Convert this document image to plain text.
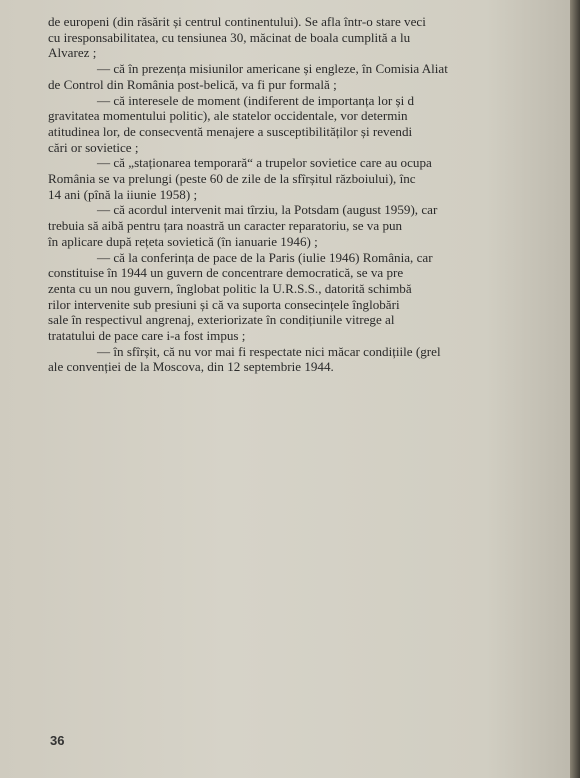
de europeni (din răsărit și centrul continentului). Se afla într-o stare veci
cu iresponsabilitatea, cu tensiunea 30, măcinat de boala cumplită a lu
Alvarez ;
— că în prezența misiunilor americane și engleze, în Comisia Aliat
de Control din România post-belică, va fi pur formală ;
— că interesele de moment (indiferent de importanța lor și d
gravitatea momentului politic), ale statelor occidentale, vor determin
atitudinea lor, de consecventă menajere a susceptibilităților și revendi
cări or sovietice ;
— că „staționarea temporară“ a trupelor sovietice care au ocupa
România se va prelungi (peste 60 de zile de la sfîrșitul războiului), înc
14 ani (pînă la iiunie 1958) ;
— că acordul intervenit mai tîrziu, la Potsdam (august 1959), car
trebuia să aibă pentru țara noastră un caracter reparatoriu, se va pun
în aplicare după rețeta sovietică (în ianuarie 1946) ;
— că la conferința de pace de la Paris (iulie 1946) România, car
constituise în 1944 un guvern de concentrare democratică, se va pre
zenta cu un nou guvern, înglobat politic la U.R.S.S., datorită schimbă
rilor intervenite sub presiuni și că va suporta consecințele înglobări
sale în respectivul angrenaj, exteriorizate în condițiunile vitrege al
tratatului de pace care i-a fost impus ;
— în sfîrșit, că nu vor mai fi respectate nici măcar condițiile (grel
ale convenției de la Moscova, din 12 septembrie 1944.
36
